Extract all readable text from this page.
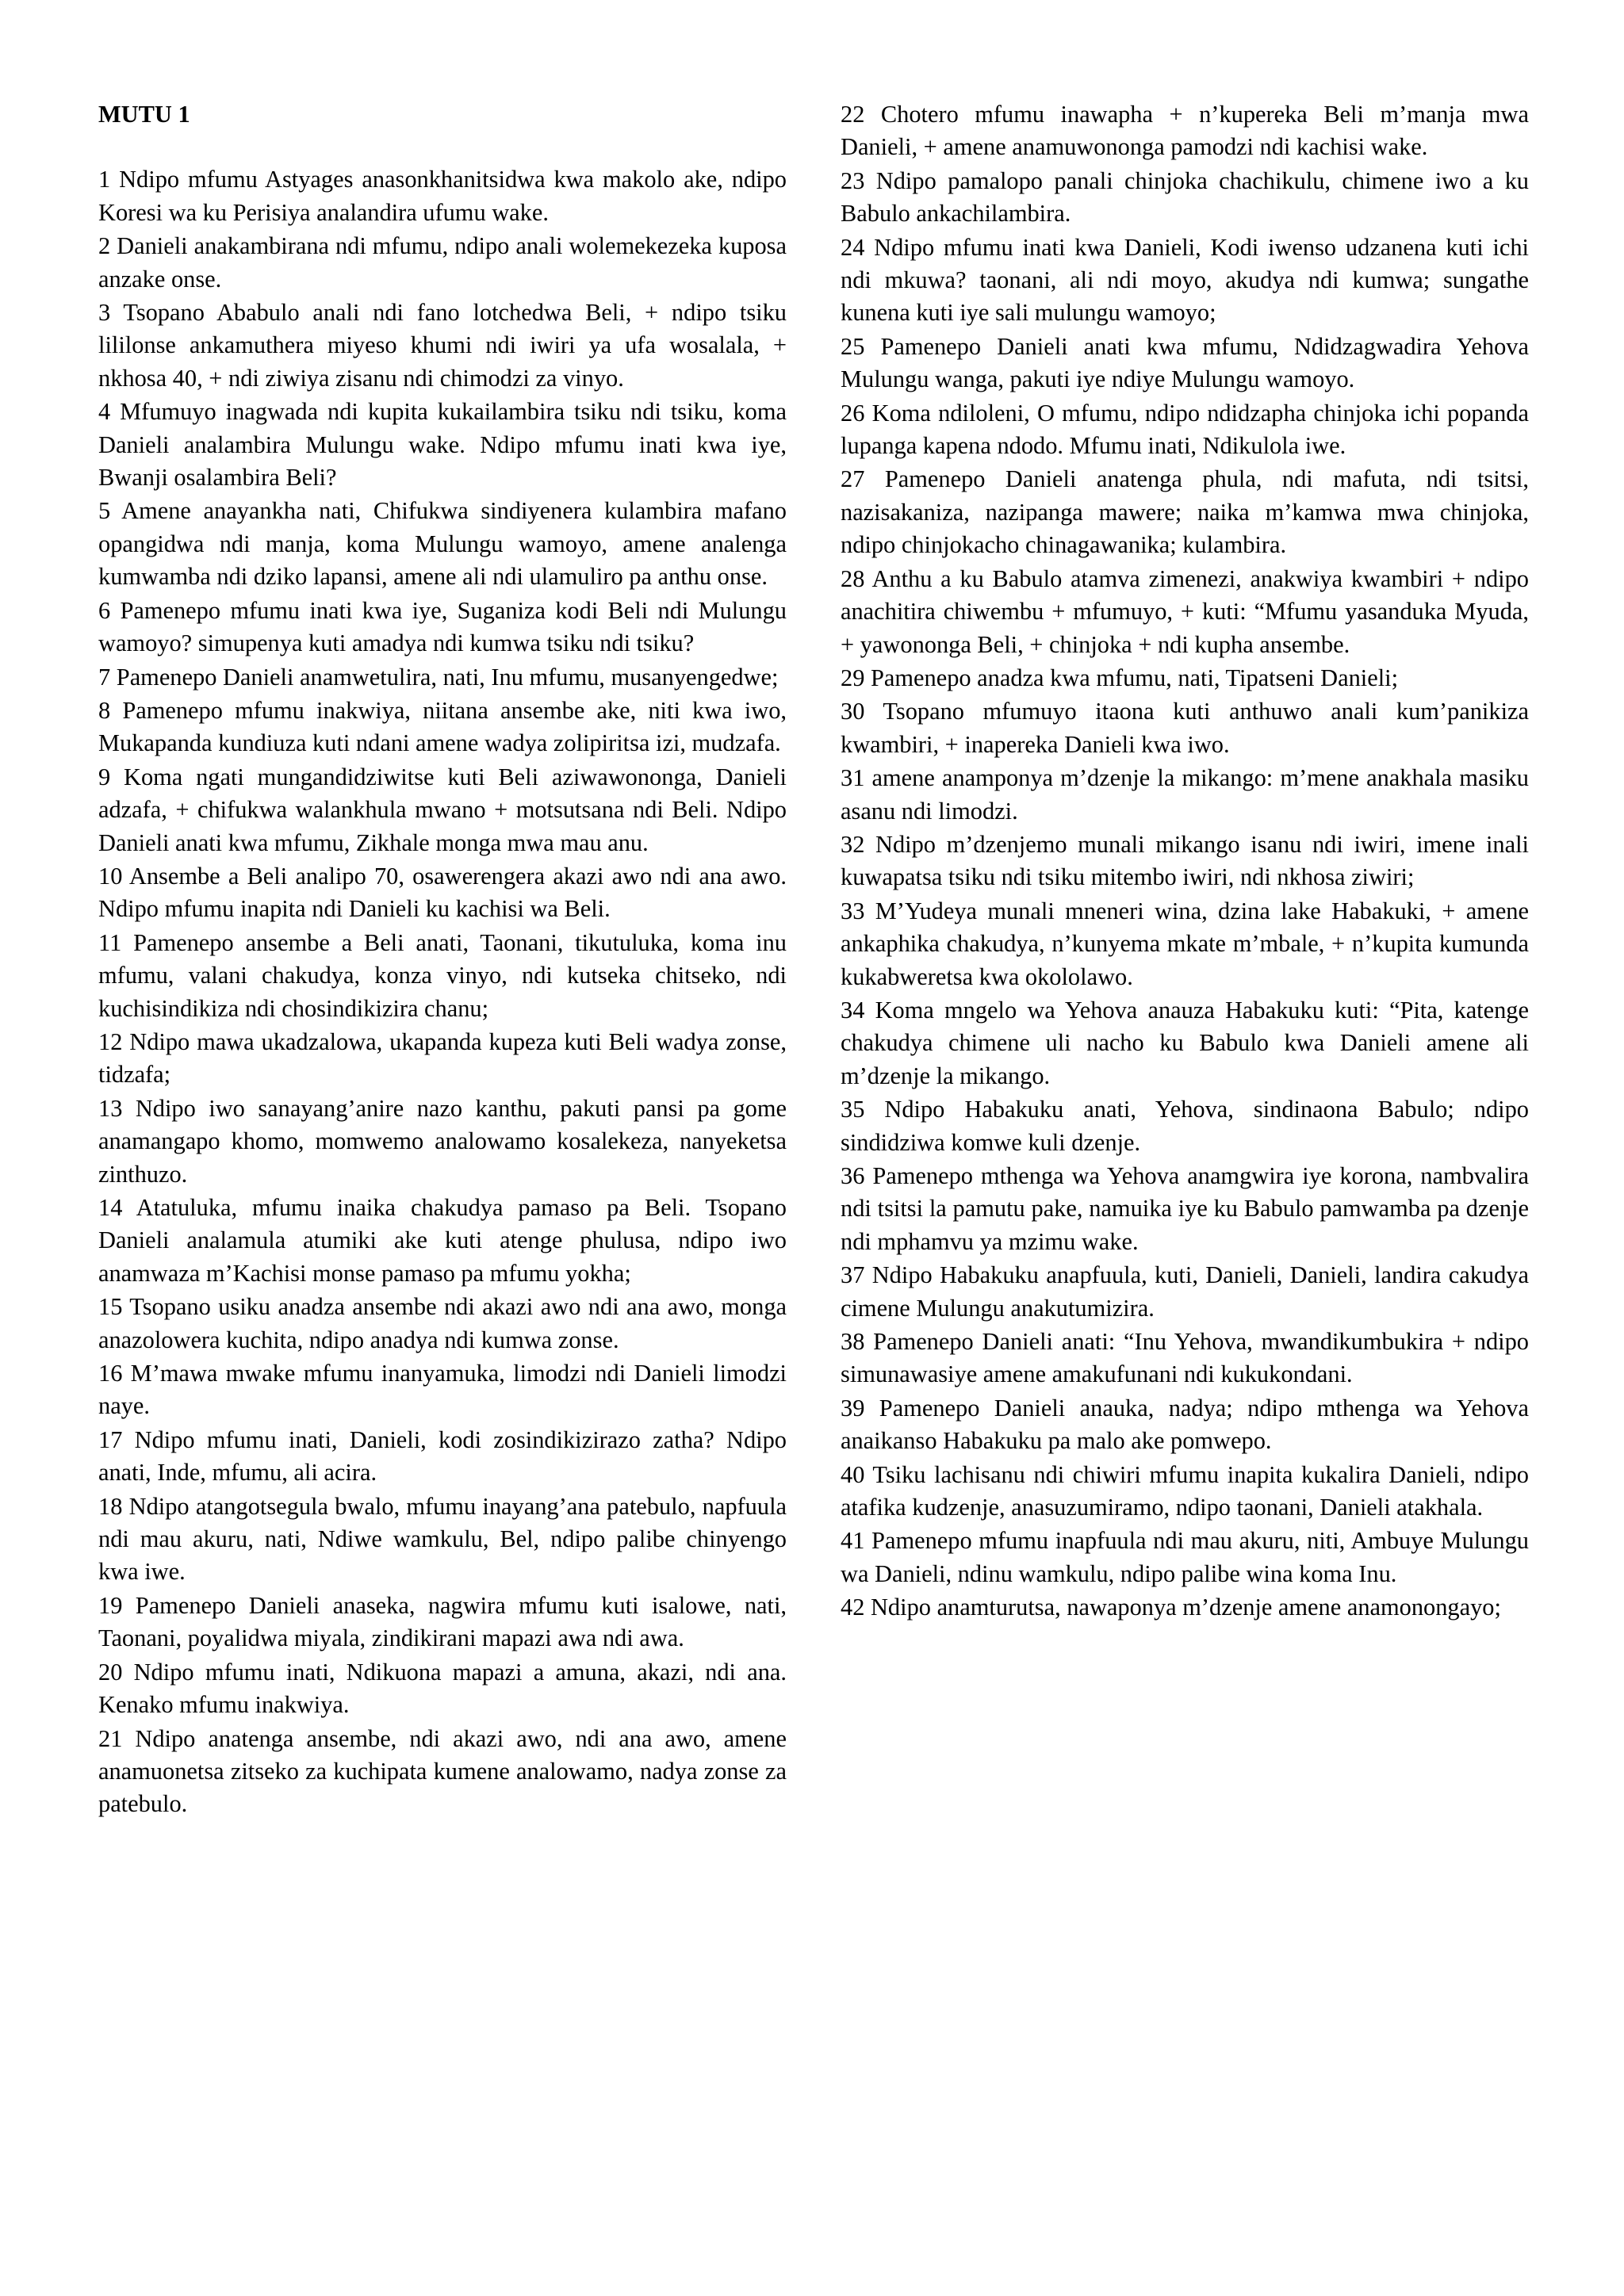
MUTU 1
1 Ndipo mfumu Astyages anasonkhanitsidwa kwa makolo ake, ndipo Koresi wa ku Perisiya analandira ufumu wake.
2 Danieli anakambirana ndi mfumu, ndipo anali wolemekezeka kuposa anzake onse.
3 Tsopano Ababulo anali ndi fano lotchedwa Beli, + ndipo tsiku lililonse ankamuthera miyeso khumi ndi iwiri ya ufa wosalala, + nkhosa 40, + ndi ziwiya zisanu ndi chimodzi za vinyo.
4 Mfumuyo inagwada ndi kupita kukailambira tsiku ndi tsiku, koma Danieli analambira Mulungu wake. Ndipo mfumu inati kwa iye, Bwanji osalambira Beli?
5 Amene anayankha nati, Chifukwa sindiyenera kulambira mafano opangidwa ndi manja, koma Mulungu wamoyo, amene analenga kumwamba ndi dziko lapansi, amene ali ndi ulamuliro pa anthu onse.
6 Pamenepo mfumu inati kwa iye, Suganiza kodi Beli ndi Mulungu wamoyo? simupenya kuti amadya ndi kumwa tsiku ndi tsiku?
7 Pamenepo Danieli anamwetulira, nati, Inu mfumu, musanyengedwe;
8 Pamenepo mfumu inakwiya, niitana ansembe ake, niti kwa iwo, Mukapanda kundiuza kuti ndani amene wadya zolipiritsa izi, mudzafa.
9 Koma ngati mungandidziwitse kuti Beli aziwawononga, Danieli adzafa, + chifukwa walankhula mwano + motsutsana ndi Beli. Ndipo Danieli anati kwa mfumu, Zikhale monga mwa mau anu.
10 Ansembe a Beli analipo 70, osawerengera akazi awo ndi ana awo. Ndipo mfumu inapita ndi Danieli ku kachisi wa Beli.
11 Pamenepo ansembe a Beli anati, Taonani, tikutuluka, koma inu mfumu, valani chakudya, konza vinyo, ndi kutseka chitseko, ndi kuchisindikiza ndi chosindikizira chanu;
12 Ndipo mawa ukadzalowa, ukapanda kupeza kuti Beli wadya zonse, tidzafa;
13 Ndipo iwo sanayang’anire nazo kanthu, pakuti pansi pa gome anamangapo khomo, momwemo analowamo kosalekeza, nanyeketsa zinthuzo.
14 Atatuluka, mfumu inaika chakudya pamaso pa Beli. Tsopano Danieli analamula atumiki ake kuti atenge phulusa, ndipo iwo anamwaza m’Kachisi monse pamaso pa mfumu yokha;
15 Tsopano usiku anadza ansembe ndi akazi awo ndi ana awo, monga anazolowera kuchita, ndipo anadya ndi kumwa zonse.
16 M’mawa mwake mfumu inanyamuka, limodzi ndi Danieli limodzi naye.
17 Ndipo mfumu inati, Danieli, kodi zosindikizirazo zatha? Ndipo anati, Inde, mfumu, ali acira.
18 Ndipo atangotsegula bwalo, mfumu inayang’ana patebulo, napfuula ndi mau akuru, nati, Ndiwe wamkulu, Bel, ndipo palibe chinyengo kwa iwe.
19 Pamenepo Danieli anaseka, nagwira mfumu kuti isalowe, nati, Taonani, poyalidwa miyala, zindikirani mapazi awa ndi awa.
20 Ndipo mfumu inati, Ndikuona mapazi a amuna, akazi, ndi ana. Kenako mfumu inakwiya.
21 Ndipo anatenga ansembe, ndi akazi awo, ndi ana awo, amene anamuonetsa zitseko za kuchipata kumene analowamo, nadya zonse za patebulo.
22 Chotero mfumu inawapha + n’kupereka Beli m’manja mwa Danieli, + amene anamuwononga pamodzi ndi kachisi wake.
23 Ndipo pamalopo panali chinjoka chachikulu, chimene iwo a ku Babulo ankachilambira.
24 Ndipo mfumu inati kwa Danieli, Kodi iwenso udzanena kuti ichi ndi mkuwa? taonani, ali ndi moyo, akudya ndi kumwa; sungathe kunena kuti iye sali mulungu wamoyo;
25 Pamenepo Danieli anati kwa mfumu, Ndidzagwadira Yehova Mulungu wanga, pakuti iye ndiye Mulungu wamoyo.
26 Koma ndiloleni, O mfumu, ndipo ndidzapha chinjoka ichi popanda lupanga kapena ndodo. Mfumu inati, Ndikulola iwe.
27 Pamenepo Danieli anatenga phula, ndi mafuta, ndi tsitsi, nazisakaniza, nazipanga mawere; naika m’kamwa mwa chinjoka, ndipo chinjokacho chinagawanika; kulambira.
28 Anthu a ku Babulo atamva zimenezi, anakwiya kwambiri + ndipo anachitira chiwembu + mfumuyo, + kuti: “Mfumu yasanduka Myuda, + yawononga Beli, + chinjoka + ndi kupha ansembe.
29 Pamenepo anadza kwa mfumu, nati, Tipatseni Danieli;
30 Tsopano mfumuyo itaona kuti anthuwo anali kum’panikiza kwambiri, + inapereka Danieli kwa iwo.
31 amene anamponya m’dzenje la mikango: m’mene anakhala masiku asanu ndi limodzi.
32 Ndipo m’dzenjemo munali mikango isanu ndi iwiri, imene inali kuwapatsa tsiku ndi tsiku mitembo iwiri, ndi nkhosa ziwiri;
33 M’Yudeya munali mneneri wina, dzina lake Habakuki, + amene ankaphika chakudya, n’kunyema mkate m’mbale, + n’kupita kumunda kukabweretsa kwa okololawo.
34 Koma mngelo wa Yehova anauza Habakuku kuti: “Pita, katenge chakudya chimene uli nacho ku Babulo kwa Danieli amene ali m’dzenje la mikango.
35 Ndipo Habakuku anati, Yehova, sindinaona Babulo; ndipo sindidziwa komwe kuli dzenje.
36 Pamenepo mthenga wa Yehova anamgwira iye korona, nambvalira ndi tsitsi la pamutu pake, namuika iye ku Babulo pamwamba pa dzenje ndi mphamvu ya mzimu wake.
37 Ndipo Habakuku anapfuula, kuti, Danieli, Danieli, landira cakudya cimene Mulungu anakutumizira.
38 Pamenepo Danieli anati: “Inu Yehova, mwandikumbukira + ndipo simunawasiye amene amakufunani ndi kukukondani.
39 Pamenepo Danieli anauka, nadya; ndipo mthenga wa Yehova anaikanso Habakuku pa malo ake pomwepo.
40 Tsiku lachisanu ndi chiwiri mfumu inapita kukalira Danieli, ndipo atafika kudzenje, anasuzumiramo, ndipo taonani, Danieli atakhala.
41 Pamenepo mfumu inapfuula ndi mau akuru, niti, Ambuye Mulungu wa Danieli, ndinu wamkulu, ndipo palibe wina koma Inu.
42 Ndipo anamturutsa, nawaponya m’dzenje amene anamonongayo;
